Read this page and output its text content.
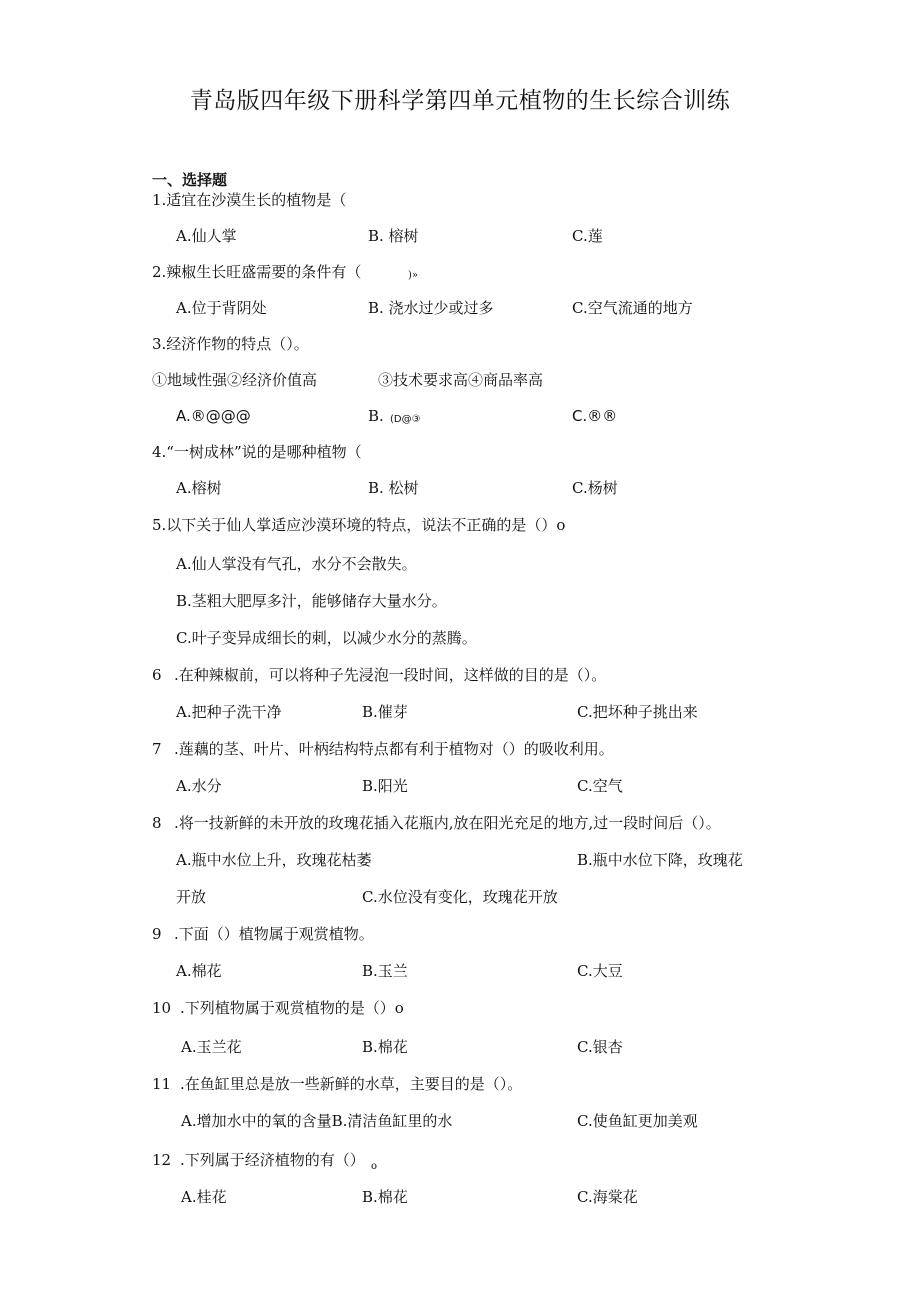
青岛版四年级下册科学第四单元植物的生长综合训练
一、选择题
1.适宜在沙漠生长的植物是（
A.仙人掌	B. 榕树	C.莲
2.辣椒生长旺盛需要的条件有（	)»
A.位于背阴处	B. 浇水过少或过多	C.空气流通的地方
3.经济作物的特点（）。
①地域性强②经济价值高	③技术要求高④商品率高
A.®@@@	B. (D@③	C.®®
4.“一树成林”说的是哪种植物（
A.榕树	B. 松树	C.杨树
5.以下关于仙人掌适应沙漠环境的特点，说法不正确的是（）o
A.仙人掌没有气孔，水分不会散失。
B.茎粗大肥厚多汁，能够储存大量水分。
C.叶子变异成细长的刺，以减少水分的蒸腾。
6 .在种辣椒前，可以将种子先浸泡一段时间，这样做的目的是（）。
A.把种子洗干净	B.催芽	C.把坏种子挑出来
7 .莲藕的茎、叶片、叶柄结构特点都有利于植物对（）的吸收利用。
A.水分	B.阳光	C.空气
8 .将一技新鲜的未开放的玫瑰花插入花瓶内,放在阳光充足的地方,过一段时间后（）。
A.瓶中水位上升，玫瑰花枯萎	B.瓶中水位下降，玫瑰花
开放	C.水位没有变化，玫瑰花开放
9 .下面（）植物属于观赏植物。
A.棉花	B.玉兰	C.大豆
10 .下列植物属于观赏植物的是（）o
A.玉兰花	B.棉花	C.银杏
11 .在鱼缸里总是放一些新鲜的水草，主要目的是（）。
A.增加水中的氧的含量B.清洁鱼缸里的水	C.使鱼缸更加美观
12 .下列属于经济植物的有（） o
A.桂花	B.棉花	C.海棠花
